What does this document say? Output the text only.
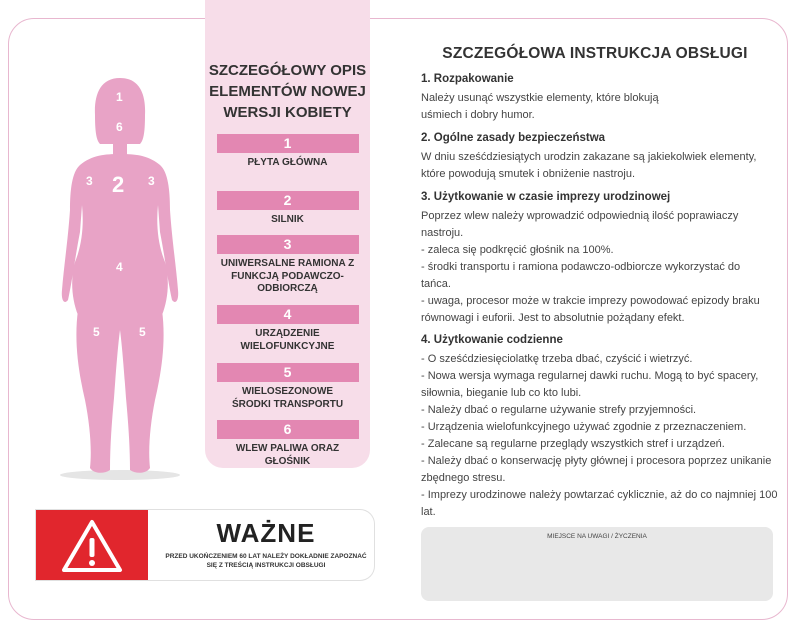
1
6
2
3	3
4
5	5
SZCZEGÓŁOWY OPIS ELEMENTÓW NOWEJ WERSJI KOBIETY
1
PŁYTA GŁÓWNA
2
SILNIK
3
UNIWERSALNE RAMIONA Z FUNKCJĄ PODAWCZO-ODBIORCZĄ
4
URZĄDZENIE WIELOFUNKCYJNE
5
WIELOSEZONOWE ŚRODKI TRANSPORTU
6
WLEW PALIWA ORAZ GŁOŚNIK
SZCZEGÓŁOWA INSTRUKCJA OBSŁUGI
1. Rozpakowanie

Należy usunąć wszystkie elementy, które blokują uśmiech i dobry humor.

2. Ogólne zasady bezpieczeństwa

W dniu sześćdziesiątych urodzin zakazane są jakiekolwiek elementy, które powodują smutek i obniżenie nastroju.

3. Użytkowanie w czasie imprezy urodzinowej

Poprzez wlew należy wprowadzić odpowiednią ilość poprawiaczy nastroju.
- zaleca się podkręcić głośnik na 100%.
- środki transportu i ramiona podawczo-odbiorcze wykorzystać do tańca.
- uwaga, procesor może w trakcie imprezy powodować epizody braku równowagi i euforii. Jest to absolutnie pożądany efekt.

4. Użytkowanie codzienne

- O sześćdziesięciolatkę trzeba dbać, czyścić i wietrzyć.
- Nowa wersja wymaga regularnej dawki ruchu. Mogą to być spacery, siłownia, bieganie lub co kto lubi.
- Należy dbać o regularne używanie strefy przyjemności.
- Urządzenia wielofunkcyjnego używać zgodnie z przeznaczeniem.
- Zalecane są regularne przeglądy wszystkich stref i urządzeń.
- Należy dbać o konserwację płyty głównej i procesora poprzez unikanie zbędnego stresu.
- Imprezy urodzinowe należy powtarzać cyklicznie, aż do co najmniej 100 lat.

MIEJSCE NA UWAGI / ŻYCZENIA
WAŻNE
PRZED UKOŃCZENIEM 60 LAT NALEŻY DOKŁADNIE ZAPOZNAĆ SIĘ Z TREŚCIĄ INSTRUKCJI OBSŁUGI
